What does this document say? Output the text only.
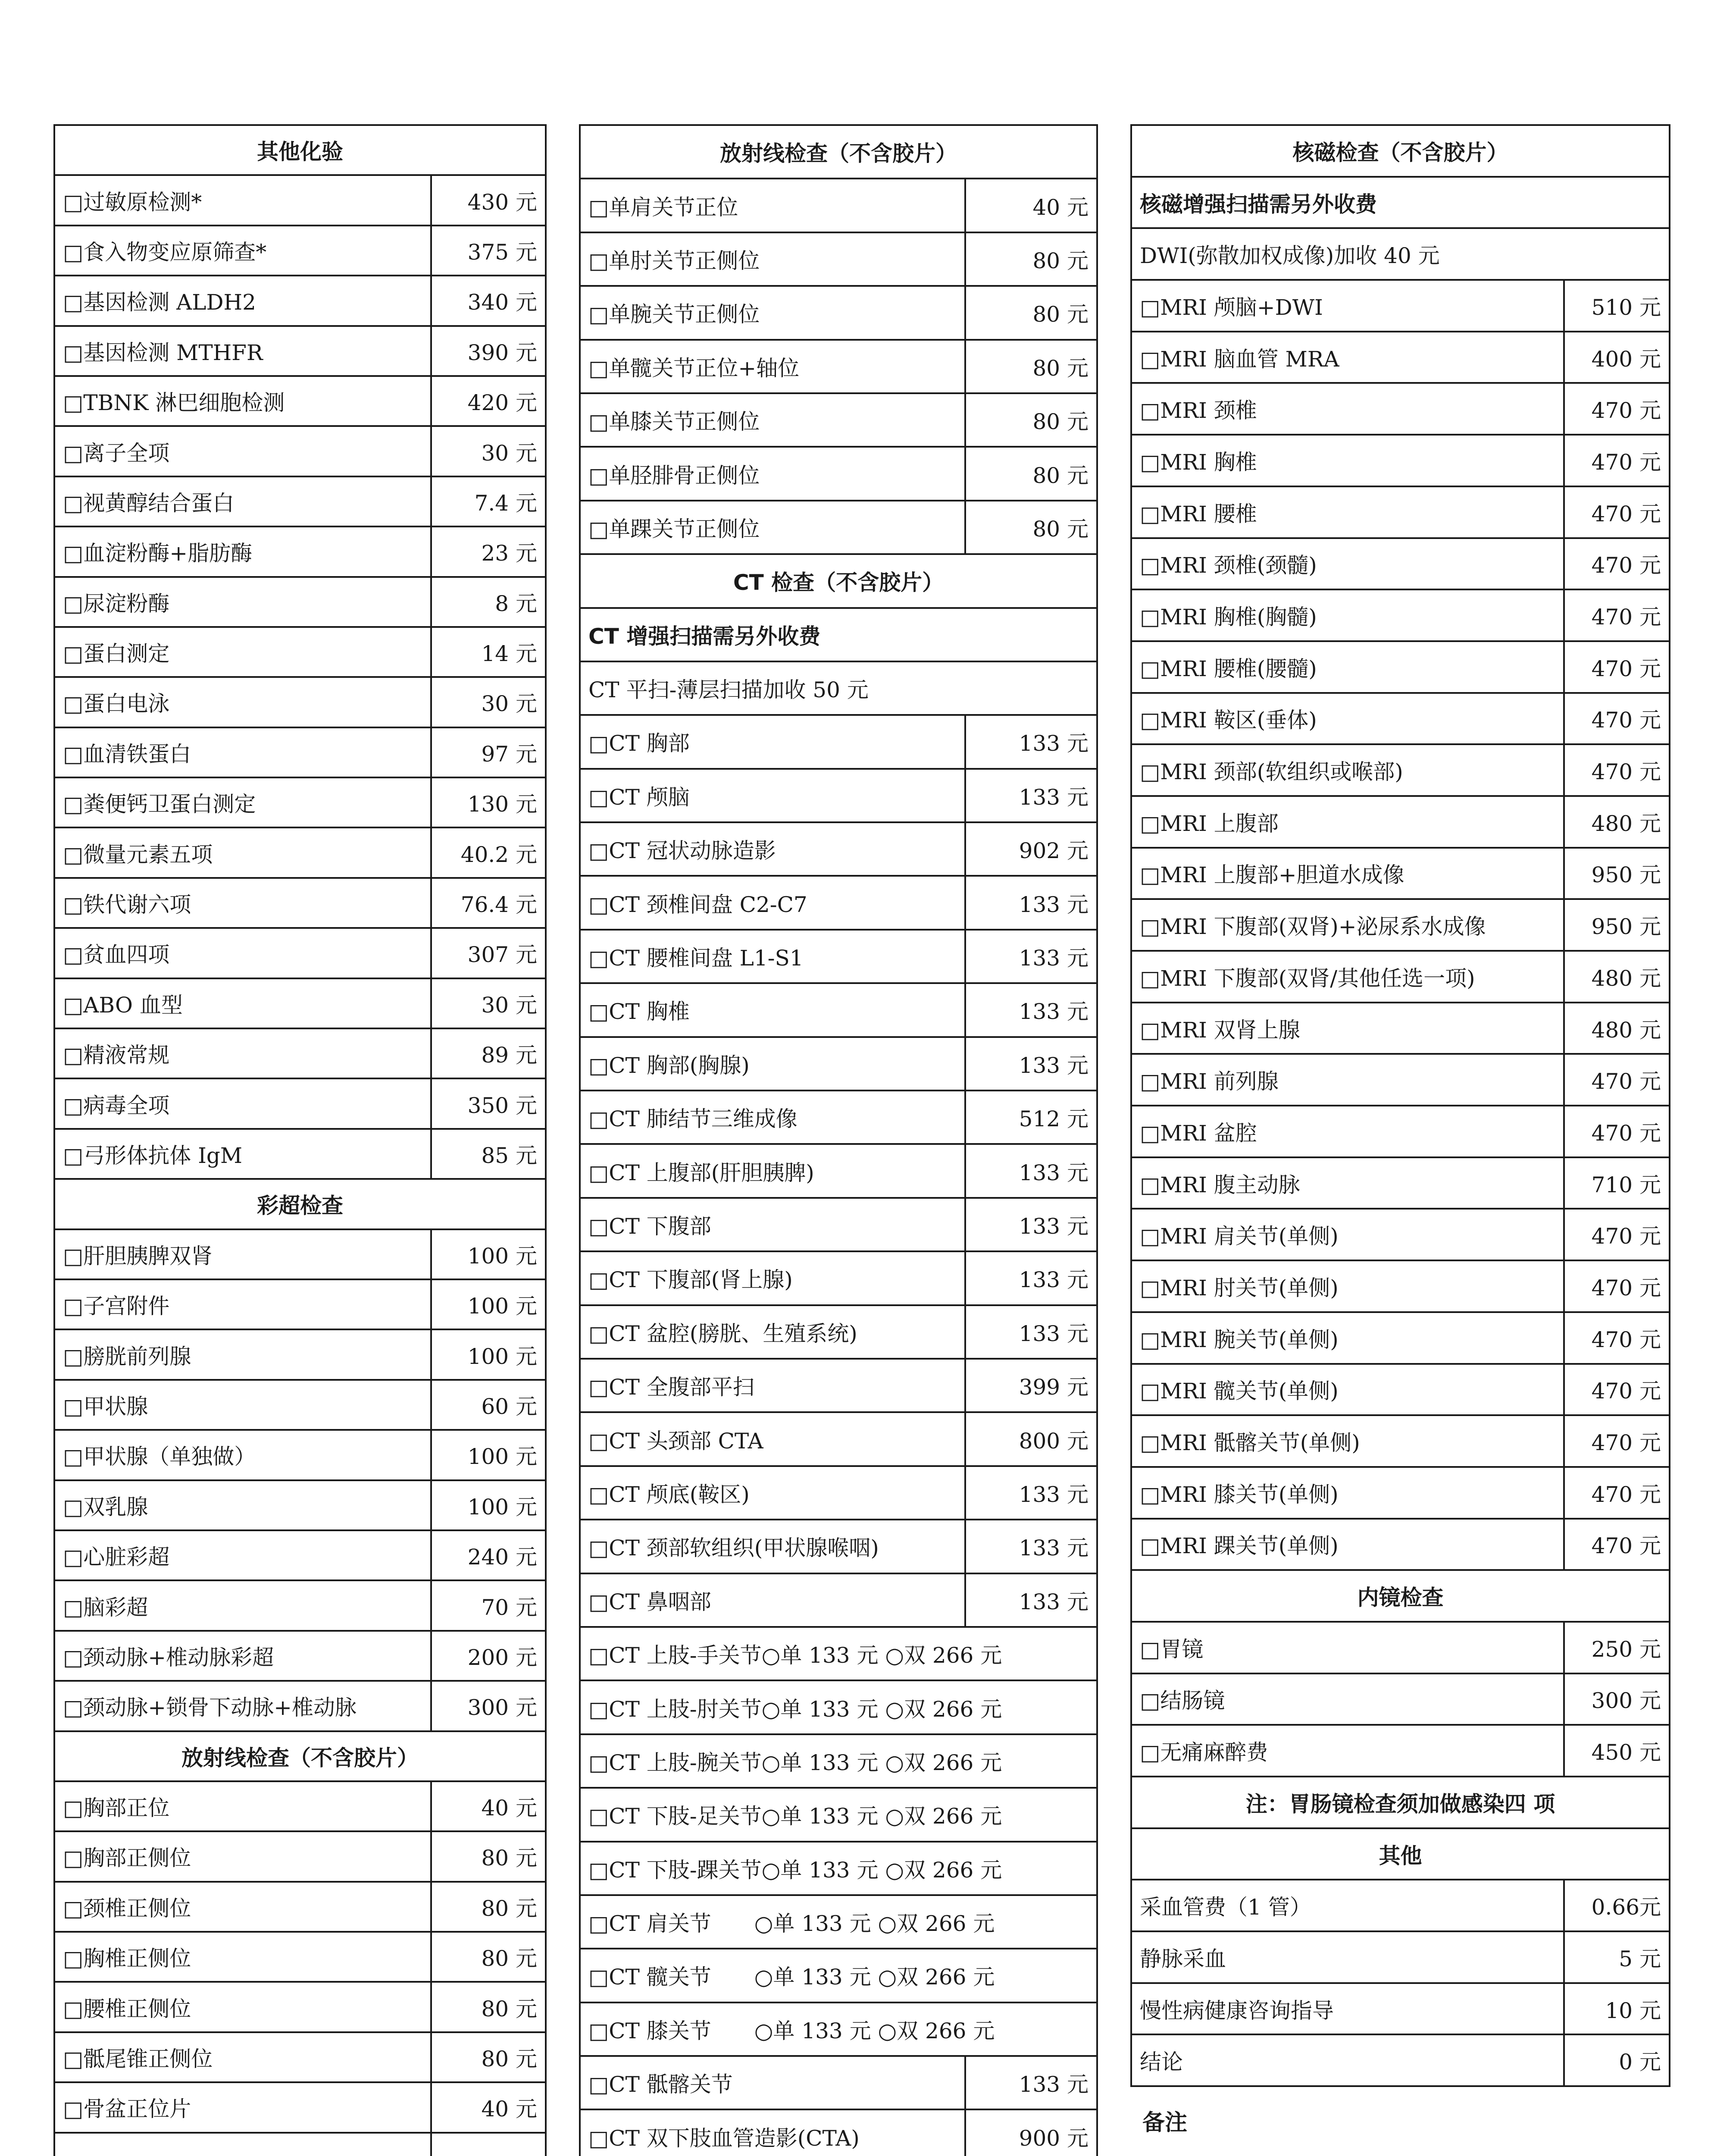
其他化验	
□过敏原检测*	430 元
□食入物变应原筛查*	375 元
□基因检测 ALDH2	340 元
□基因检测 MTHFR	390 元
□TBNK 淋巴细胞检测	420 元
□离子全项	30 元
□视黄醇结合蛋白	7.4 元
□血淀粉酶+脂肪酶	23 元
□尿淀粉酶	8 元
□蛋白测定	14 元
□蛋白电泳	30 元
□血清铁蛋白	97 元
□粪便钙卫蛋白测定	130 元
□微量元素五项	40.2 元
□铁代谢六项	76.4 元
□贫血四项	307 元
□ABO 血型	30 元
□精液常规	89 元
□病毒全项	350 元
□弓形体抗体 IgM	85 元
彩超检查	
□肝胆胰脾双肾	100 元
□子宫附件	100 元
□膀胱前列腺	100 元
□甲状腺	60 元
□甲状腺（单独做）	100 元
□双乳腺	100 元
□心脏彩超	240 元
□脑彩超	70 元
□颈动脉+椎动脉彩超	200 元
□颈动脉+锁骨下动脉+椎动脉	300 元
放射线检查（不含胶片）	
□胸部正位	40 元
□胸部正侧位	80 元
□颈椎正侧位	80 元
□胸椎正侧位	80 元
□腰椎正侧位	80 元
□骶尾锥正侧位	80 元
□骨盆正位片	40 元

放射线检查（不含胶片）	
□单肩关节正位	40 元
□单肘关节正侧位	80 元
□单腕关节正侧位	80 元
□单髋关节正位+轴位	80 元
□单膝关节正侧位	80 元
□单胫腓骨正侧位	80 元
□单踝关节正侧位	80 元
CT 检查（不含胶片）	
CT 增强扫描需另外收费	
CT 平扫-薄层扫描加收 50 元	
□CT 胸部	133 元
□CT 颅脑	133 元
□CT 冠状动脉造影	902 元
□CT 颈椎间盘 C2-C7	133 元
□CT 腰椎间盘 L1-S1	133 元
□CT 胸椎	133 元
□CT 胸部(胸腺)	133 元
□CT 肺结节三维成像	512 元
□CT 上腹部(肝胆胰脾)	133 元
□CT 下腹部	133 元
□CT 下腹部(肾上腺)	133 元
□CT 盆腔(膀胱、生殖系统)	133 元
□CT 全腹部平扫	399 元
□CT 头颈部 CTA	800 元
□CT 颅底(鞍区)	133 元
□CT 颈部软组织(甲状腺喉咽)	133 元
□CT 鼻咽部	133 元
□CT 上肢-手关节○单 133 元 ○双 266 元	
□CT 上肢-肘关节○单 133 元 ○双 266 元	
□CT 上肢-腕关节○单 133 元 ○双 266 元	
□CT 下肢-足关节○单 133 元 ○双 266 元	
□CT 下肢-踝关节○单 133 元 ○双 266 元	
□CT 肩关节　　○单 133 元 ○双 266 元	
□CT 髋关节　　○单 133 元 ○双 266 元	
□CT 膝关节　　○单 133 元 ○双 266 元	
□CT 骶髂关节	133 元
□CT 双下肢血管造影(CTA)	900 元

核磁检查（不含胶片）	
核磁增强扫描需另外收费	
DWI(弥散加权成像)加收 40 元	
□MRI 颅脑+DWI	510 元
□MRI 脑血管 MRA	400 元
□MRI 颈椎	470 元
□MRI 胸椎	470 元
□MRI 腰椎	470 元
□MRI 颈椎(颈髓)	470 元
□MRI 胸椎(胸髓)	470 元
□MRI 腰椎(腰髓)	470 元
□MRI 鞍区(垂体)	470 元
□MRI 颈部(软组织或喉部)	470 元
□MRI 上腹部	480 元
□MRI 上腹部+胆道水成像	950 元
□MRI 下腹部(双肾)+泌尿系水成像	950 元
□MRI 下腹部(双肾/其他任选一项)	480 元
□MRI 双肾上腺	480 元
□MRI 前列腺	470 元
□MRI 盆腔	470 元
□MRI 腹主动脉	710 元
□MRI 肩关节(单侧)	470 元
□MRI 肘关节(单侧)	470 元
□MRI 腕关节(单侧)	470 元
□MRI 髋关节(单侧)	470 元
□MRI 骶髂关节(单侧)	470 元
□MRI 膝关节(单侧)	470 元
□MRI 踝关节(单侧)	470 元
内镜检查	
□胃镜	250 元
□结肠镜	300 元
□无痛麻醉费	450 元
注：胃肠镜检查须加做感染四 项	
其他	
采血管费（1 管）	0.66元
静脉采血	5 元
慢性病健康咨询指导	10 元
结论	0 元
备注
